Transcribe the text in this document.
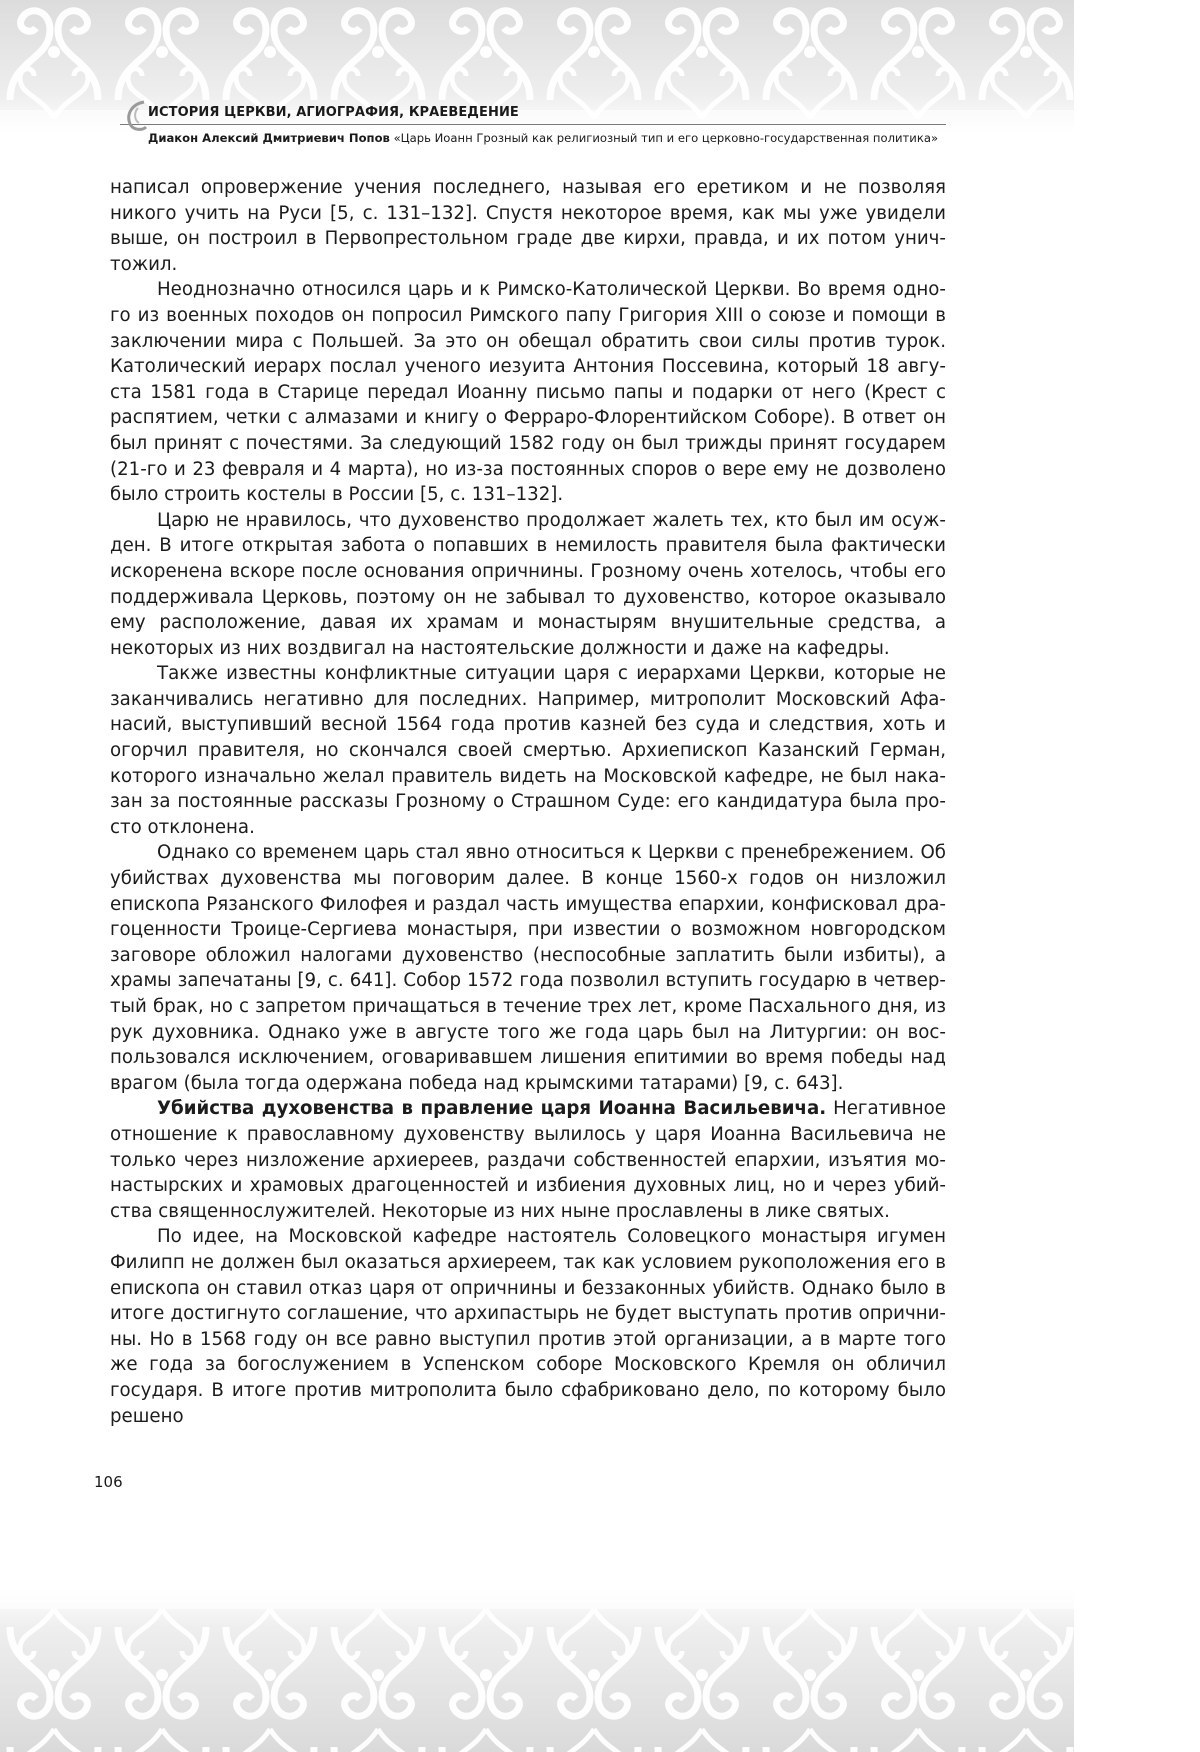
ИСТОРИЯ ЦЕРКВИ, АГИОГРАФИЯ, КРАЕВЕДЕНИЕ
Диакон Алексий Дмитриевич Попов «Царь Иоанн Грозный как религиозный тип и его церковно-государственная политика»

написал опровержение учения последнего, называя его еретиком и не позволяя никого учить на Руси [5, с. 131–132]. Спустя некоторое время, как мы уже увидели выше, он построил в Первопрестольном граде две кирхи, правда, и их потом уничтожил.

Неоднозначно относился царь и к Римско-Католической Церкви. Во время одного из военных походов он попросил Римского папу Григория XIII о союзе и помощи в заключении мира с Польшей. За это он обещал обратить свои силы против турок. Католический иерарх послал ученого иезуита Антония Поссевина, который 18 августа 1581 года в Старице передал Иоанну письмо папы и подарки от него (Крест с распятием, четки с алмазами и книгу о Ферраро-Флорентийском Соборе). В ответ он был принят с почестями. За следующий 1582 году он был трижды принят государем (21-го и 23 февраля и 4 марта), но из-за постоянных споров о вере ему не дозволено было строить костелы в России [5, с. 131–132].

Царю не нравилось, что духовенство продолжает жалеть тех, кто был им осужден. В итоге открытая забота о попавших в немилость правителя была фактически искоренена вскоре после основания опричнины. Грозному очень хотелось, чтобы его поддерживала Церковь, поэтому он не забывал то духовенство, которое оказывало ему расположение, давая их храмам и монастырям внушительные средства, а некоторых из них воздвигал на настоятельские должности и даже на кафедры.

Также известны конфликтные ситуации царя с иерархами Церкви, которые не заканчивались негативно для последних. Например, митрополит Московский Афанасий, выступивший весной 1564 года против казней без суда и следствия, хоть и огорчил правителя, но скончался своей смертью. Архиепископ Казанский Герман, которого изначально желал правитель видеть на Московской кафедре, не был наказан за постоянные рассказы Грозному о Страшном Суде: его кандидатура была просто отклонена.

Однако со временем царь стал явно относиться к Церкви с пренебрежением. Об убийствах духовенства мы поговорим далее. В конце 1560-х годов он низложил епископа Рязанского Филофея и раздал часть имущества епархии, конфисковал драгоценности Троице-Сергиева монастыря, при известии о возможном новгородском заговоре обложил налогами духовенство (неспособные заплатить были избиты), а храмы запечатаны [9, с. 641]. Собор 1572 года позволил вступить государю в четвертый брак, но с запретом причащаться в течение трех лет, кроме Пасхального дня, из рук духовника. Однако уже в августе того же года царь был на Литургии: он воспользовался исключением, оговаривавшем лишения епитимии во время победы над врагом (была тогда одержана победа над крымскими татарами) [9, с. 643].

Убийства духовенства в правление царя Иоанна Васильевича. Негативное отношение к православному духовенству вылилось у царя Иоанна Васильевича не только через низложение архиереев, раздачи собственностей епархии, изъятия монастырских и храмовых драгоценностей и избиения духовных лиц, но и через убийства священнослужителей. Некоторые из них ныне прославлены в лике святых.

По идее, на Московской кафедре настоятель Соловецкого монастыря игумен Филипп не должен был оказаться архиереем, так как условием рукоположения его в епископа он ставил отказ царя от опричнины и беззаконных убийств. Однако было в итоге достигнуто соглашение, что архипастырь не будет выступать против опричнины. Но в 1568 году он все равно выступил против этой организации, а в марте того же года за богослужением в Успенском соборе Московского Кремля он обличил государя. В итоге против митрополита было сфабриковано дело, по которому было решено

106
